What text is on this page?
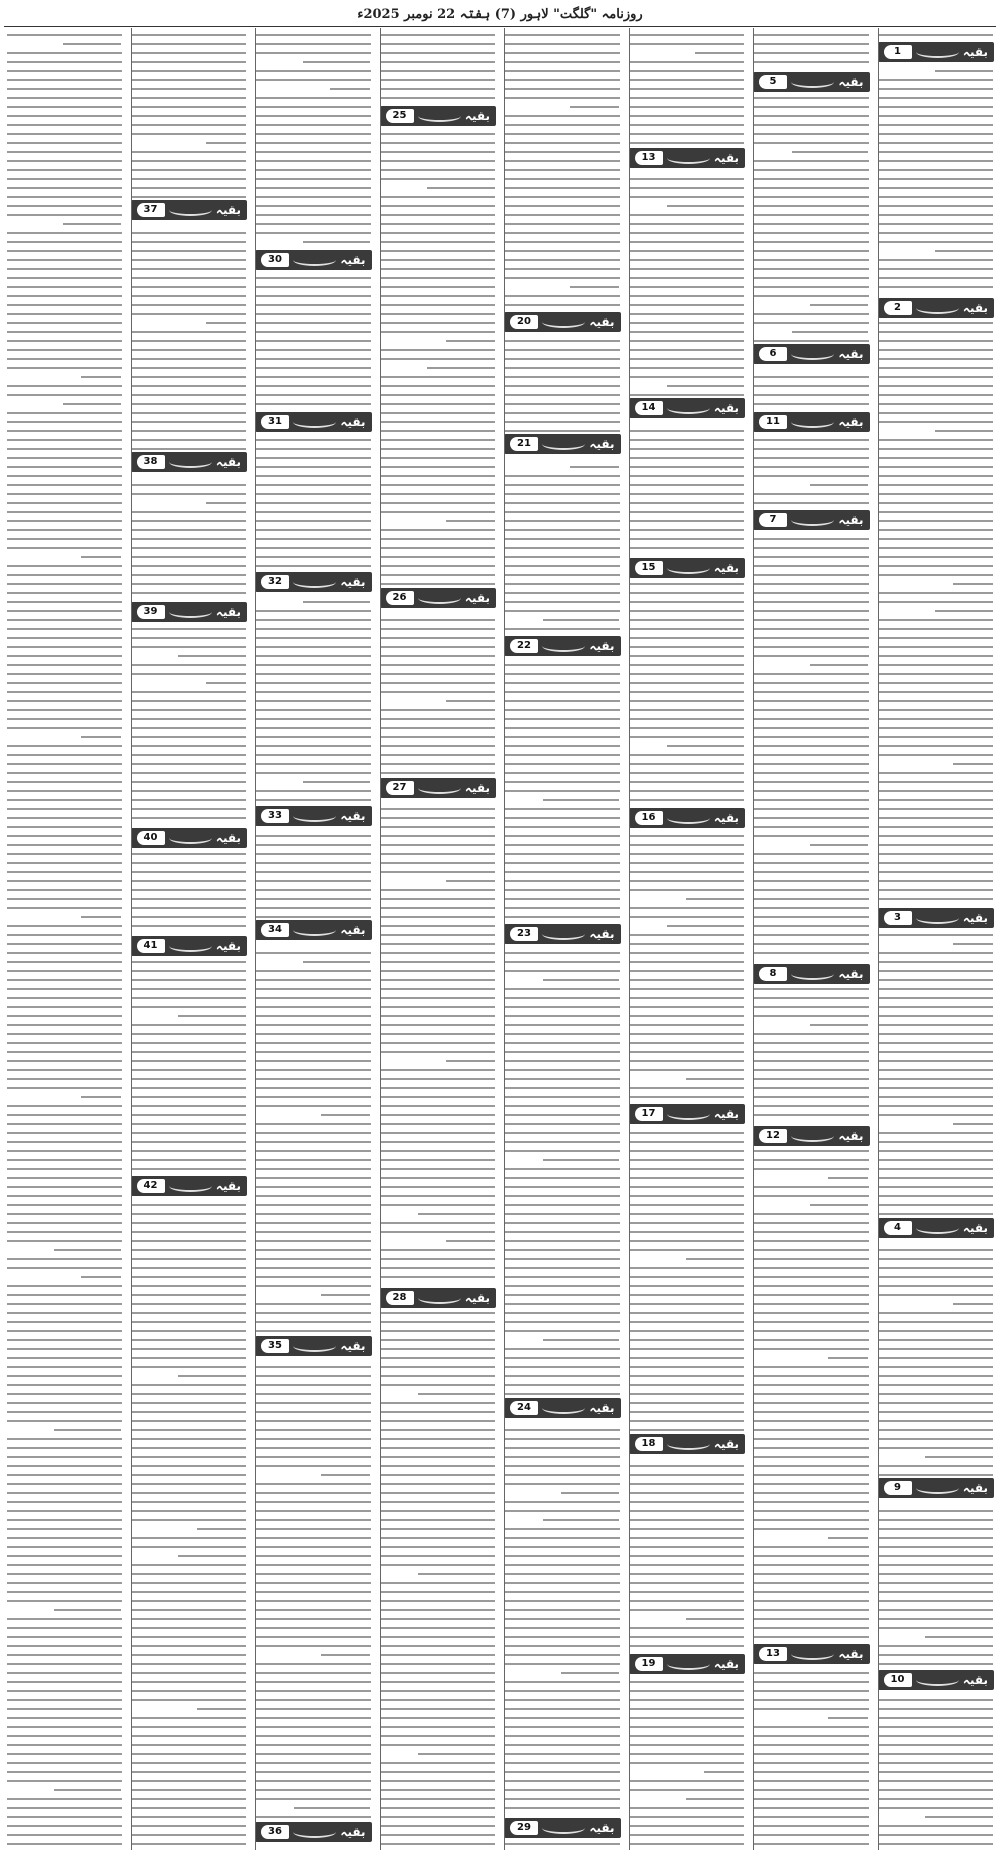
روزنامہ "گلگت" لاہور (7) ہفتہ 22 نومبر 2025ء
بقیہ
1
بقیہ
2
بقیہ
3
بقیہ
4
بقیہ
9
بقیہ
10
بقیہ
5
بقیہ
6
بقیہ
7
بقیہ
8
بقیہ
11
بقیہ
12
بقیہ
13
بقیہ
13
بقیہ
14
بقیہ
15
بقیہ
16
بقیہ
17
بقیہ
18
بقیہ
19
بقیہ
20
بقیہ
21
بقیہ
22
بقیہ
23
بقیہ
24
بقیہ
29
بقیہ
25
بقیہ
26
بقیہ
27
بقیہ
28
بقیہ
30
بقیہ
31
بقیہ
32
بقیہ
33
بقیہ
34
بقیہ
35
بقیہ
36
بقیہ
37
بقیہ
38
بقیہ
39
بقیہ
40
بقیہ
41
بقیہ
42
